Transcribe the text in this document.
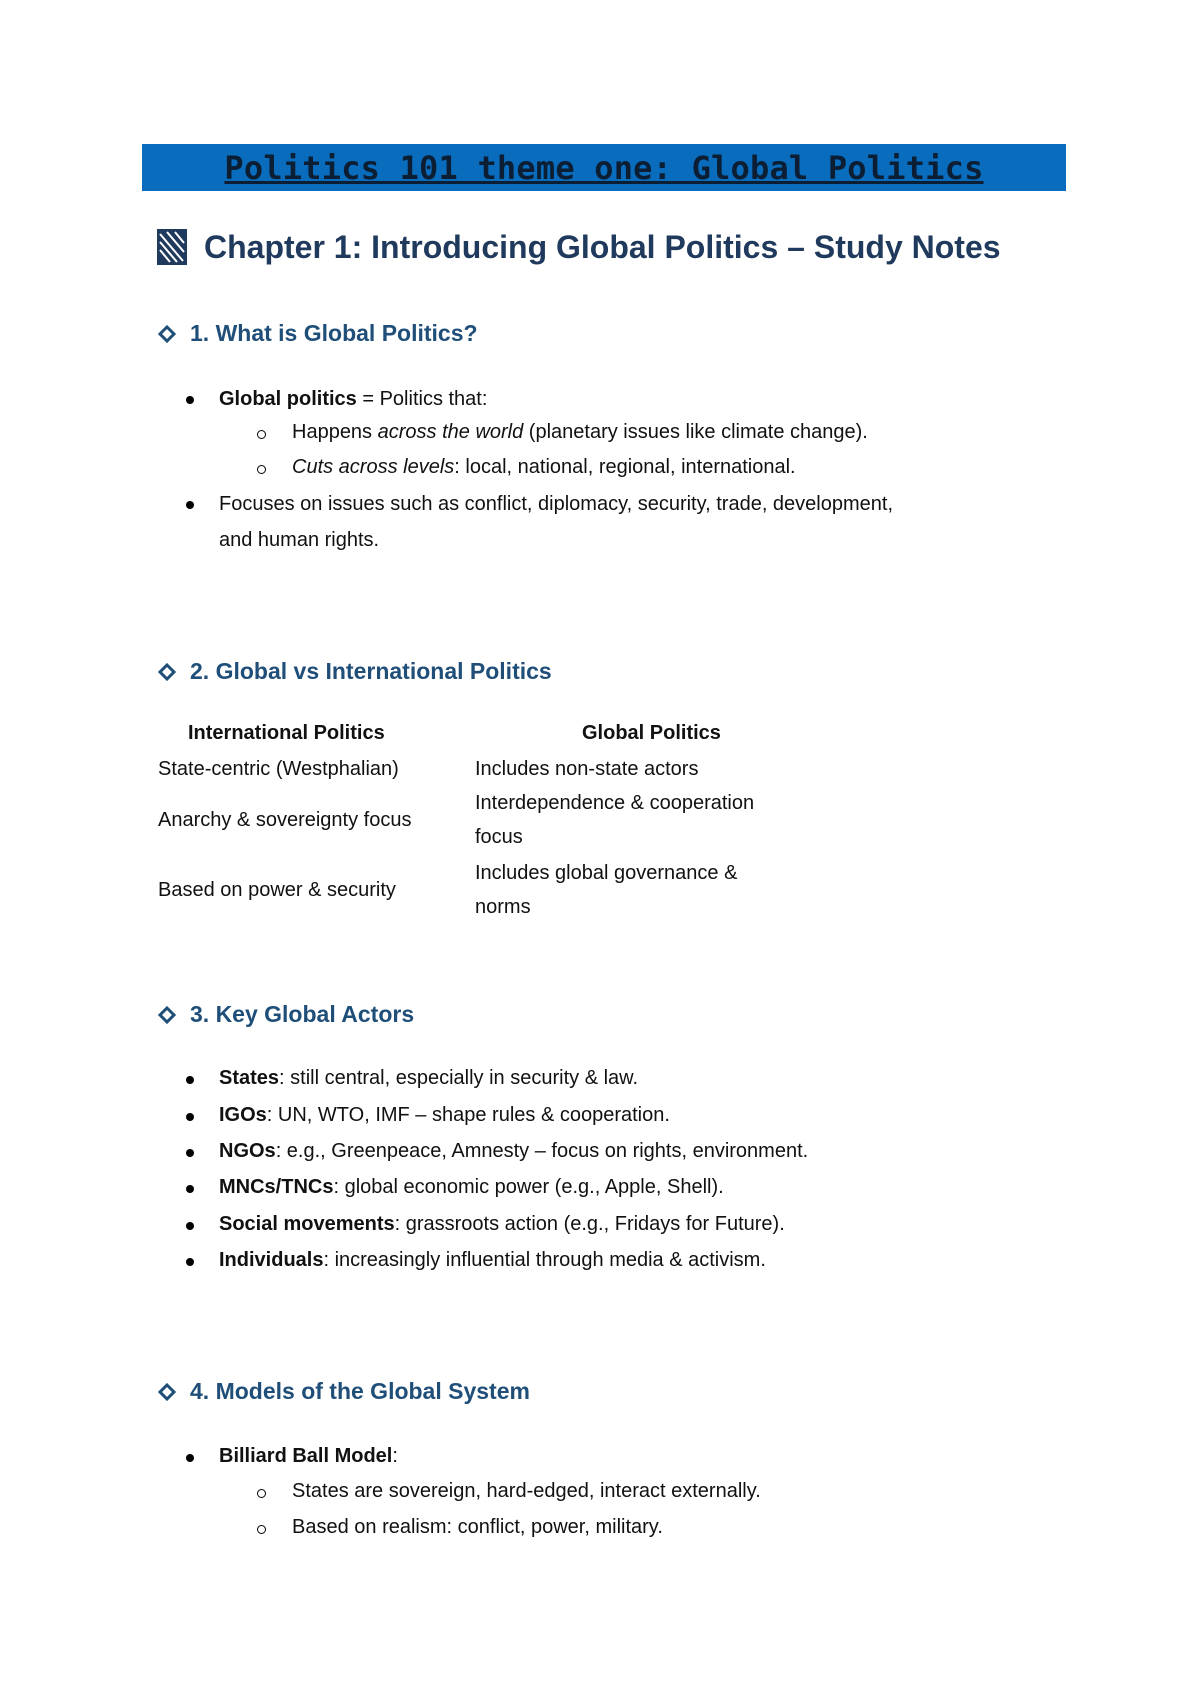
Politics 101 theme one: Global Politics
Chapter 1: Introducing Global Politics – Study Notes
1. What is Global Politics?
Global politics = Politics that:
Happens across the world (planetary issues like climate change).
Cuts across levels: local, national, regional, international.
Focuses on issues such as conflict, diplomacy, security, trade, development,
and human rights.
2. Global vs International Politics
International Politics	Global Politics
State-centric (Westphalian)	Includes non-state actors
Anarchy & sovereignty focus
Interdependence & cooperation
focus
Based on power & security
Includes global governance &
norms
3. Key Global Actors
States: still central, especially in security & law.
IGOs: UN, WTO, IMF – shape rules & cooperation.
NGOs: e.g., Greenpeace, Amnesty – focus on rights, environment.
MNCs/TNCs: global economic power (e.g., Apple, Shell).
Social movements: grassroots action (e.g., Fridays for Future).
Individuals: increasingly influential through media & activism.
4. Models of the Global System
Billiard Ball Model:
States are sovereign, hard-edged, interact externally.
Based on realism: conflict, power, military.
